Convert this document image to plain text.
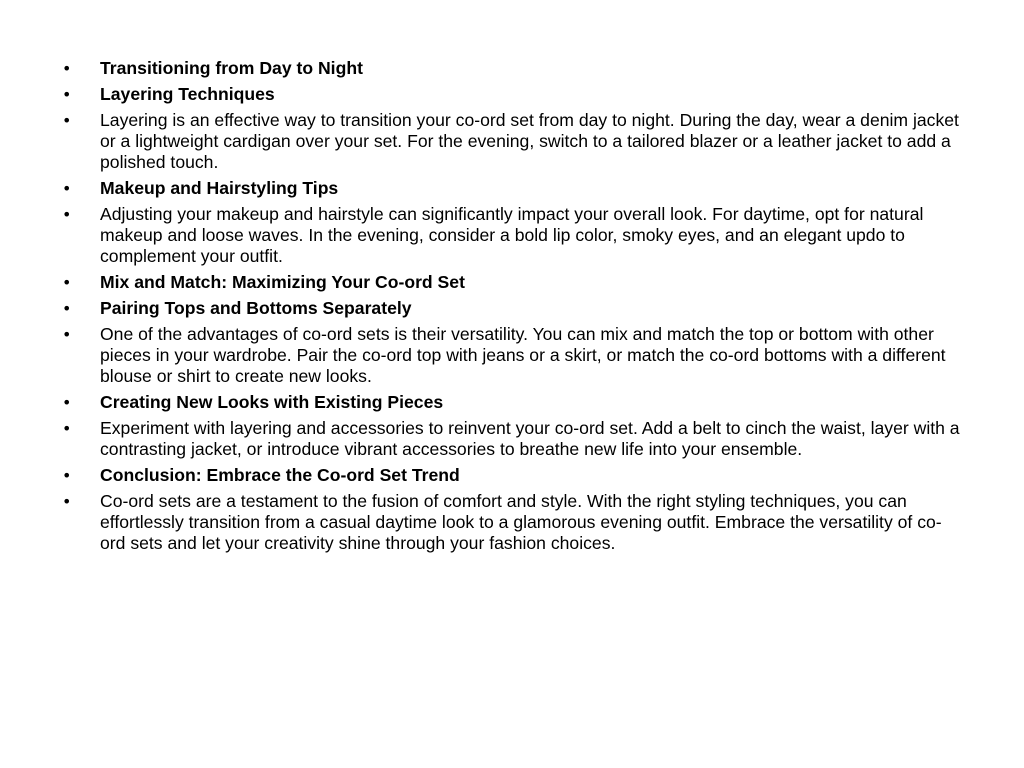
•	Transitioning from Day to Night
•	Layering Techniques
•	Layering is an effective way to transition your co-ord set from day to night. During the day, wear a denim jacket or a lightweight cardigan over your set. For the evening, switch to a tailored blazer or a leather jacket to add a polished touch.
•	Makeup and Hairstyling Tips
•	Adjusting your makeup and hairstyle can significantly impact your overall look. For daytime, opt for natural makeup and loose waves. In the evening, consider a bold lip color, smoky eyes, and an elegant updo to complement your outfit.
•	Mix and Match: Maximizing Your Co-ord Set
•	Pairing Tops and Bottoms Separately
•	One of the advantages of co-ord sets is their versatility. You can mix and match the top or bottom with other pieces in your wardrobe. Pair the co-ord top with jeans or a skirt, or match the co-ord bottoms with a different blouse or shirt to create new looks.
•	Creating New Looks with Existing Pieces
•	Experiment with layering and accessories to reinvent your co-ord set. Add a belt to cinch the waist, layer with a contrasting jacket, or introduce vibrant accessories to breathe new life into your ensemble.
•	Conclusion: Embrace the Co-ord Set Trend
•	Co-ord sets are a testament to the fusion of comfort and style. With the right styling techniques, you can effortlessly transition from a casual daytime look to a glamorous evening outfit. Embrace the versatility of co-ord sets and let your creativity shine through your fashion choices.
